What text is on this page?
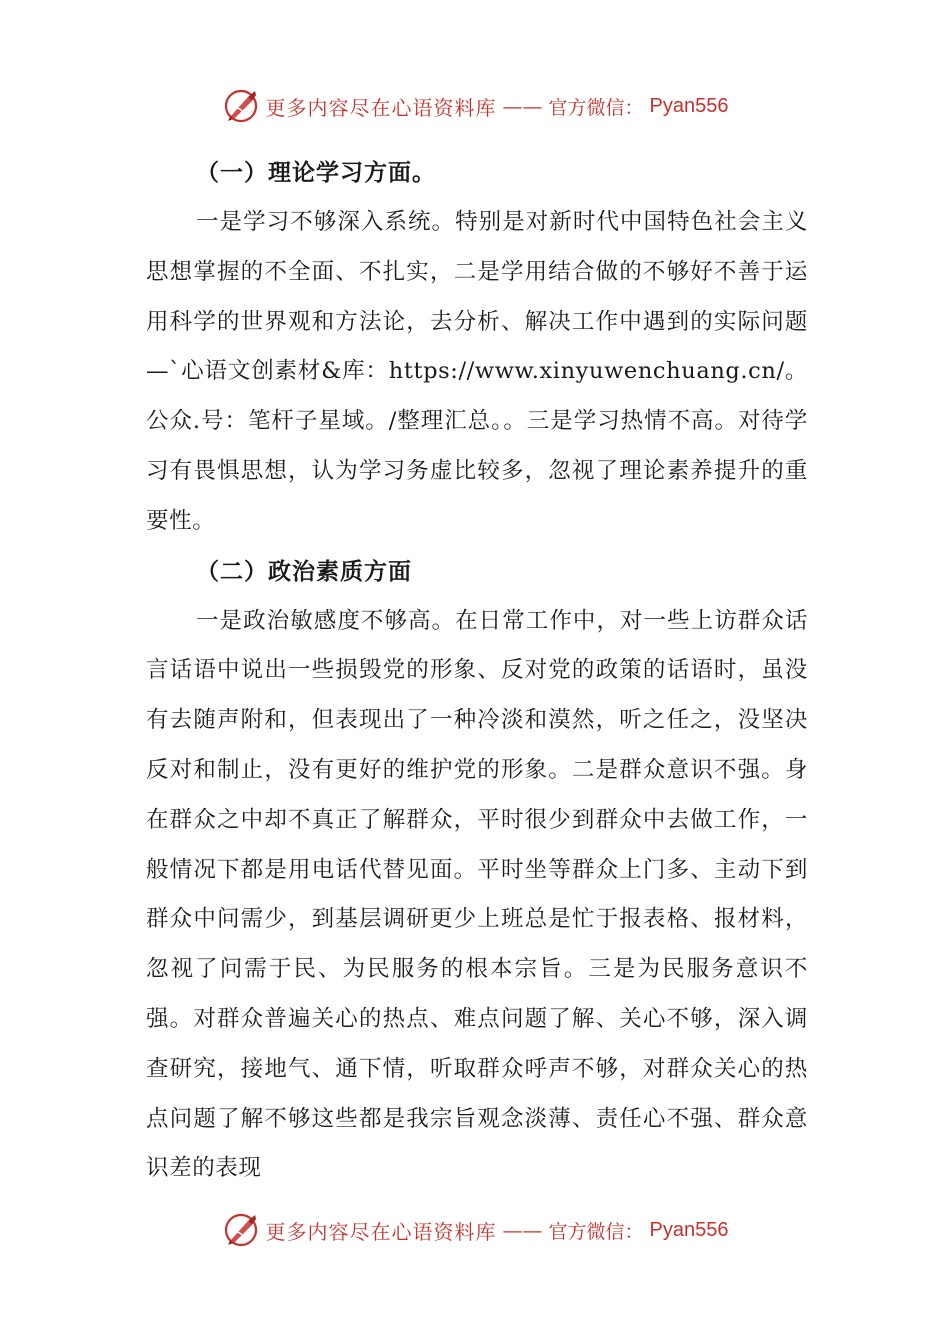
更多内容尽在心语资料库 —— 官方微信： Pyan556
（一）理论学习方面。

一是学习不够深入系统。特别是对新时代中国特色社会主义思想掌握的不全面、不扎实，二是学用结合做的不够好不善于运用科学的世界观和方法论，去分析、解决工作中遇到的实际问题—`心语文创素材&库：https://www.xinyuwenchuang.cn/。公众.号：笔杆子星域。/整理汇总。。三是学习热情不高。对待学习有畏惧思想，认为学习务虚比较多，忽视了理论素养提升的重要性。

（二）政治素质方面

一是政治敏感度不够高。在日常工作中，对一些上访群众话言话语中说出一些损毁党的形象、反对党的政策的话语时，虽没有去随声附和，但表现出了一种冷淡和漠然，听之任之，没坚决反对和制止，没有更好的维护党的形象。二是群众意识不强。身在群众之中却不真正了解群众，平时很少到群众中去做工作，一般情况下都是用电话代替见面。平时坐等群众上门多、主动下到群众中问需少，到基层调研更少上班总是忙于报表格、报材料，忽视了问需于民、为民服务的根本宗旨。三是为民服务意识不强。对群众普遍关心的热点、难点问题了解、关心不够，深入调查研究，接地气、通下情，听取群众呼声不够，对群众关心的热点问题了解不够这些都是我宗旨观念淡薄、责任心不强、群众意识差的表现

更多内容尽在心语资料库 —— 官方微信： Pyan556
